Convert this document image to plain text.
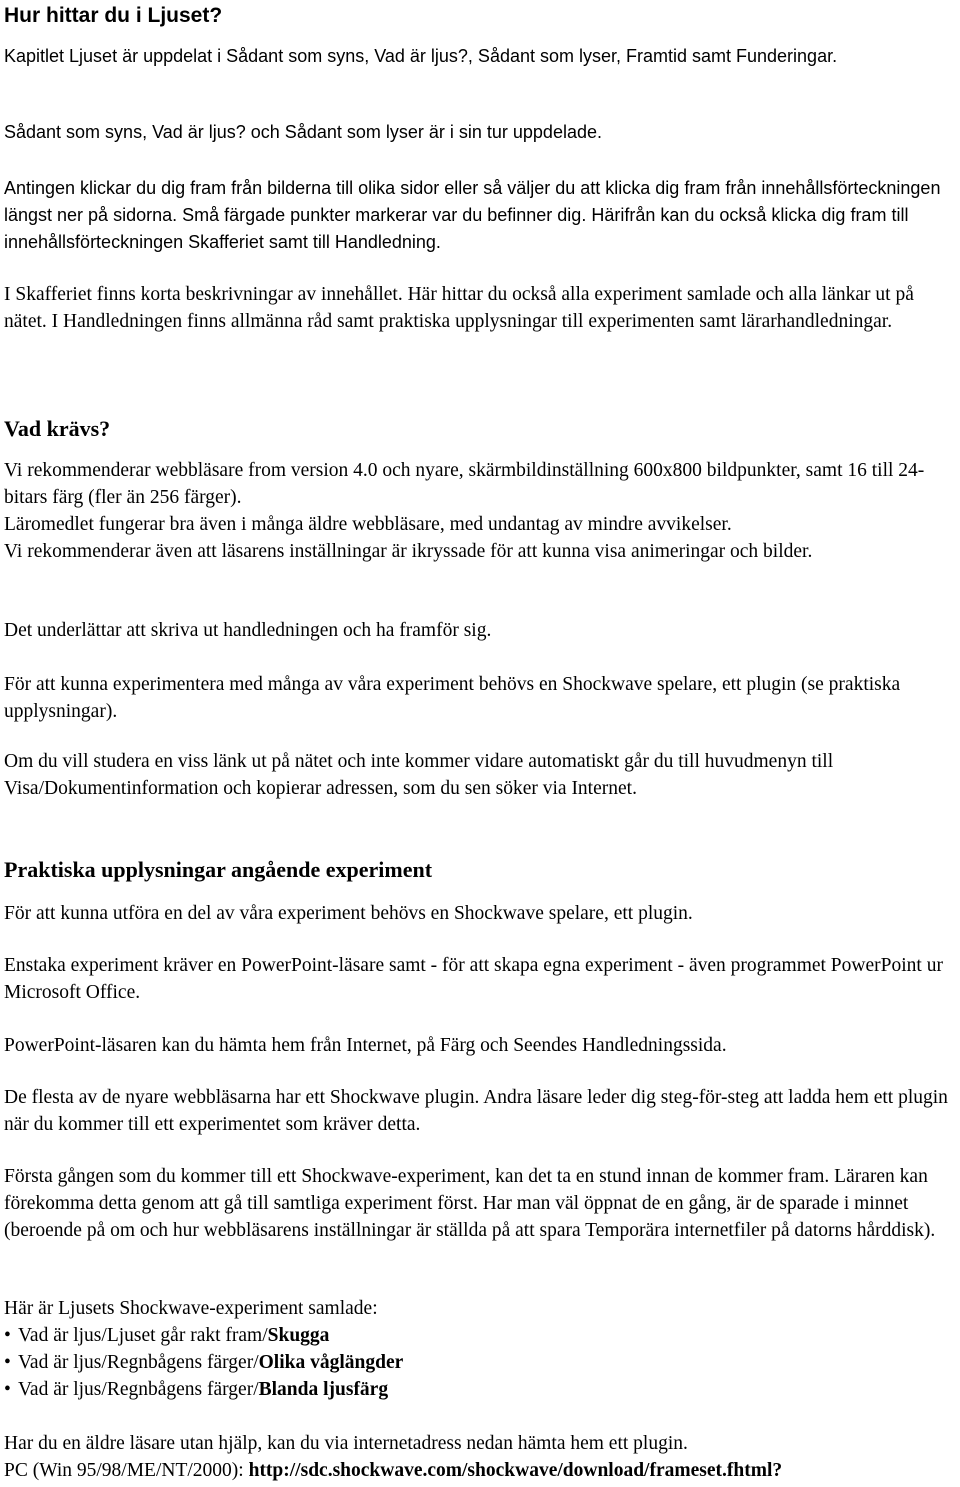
Hur hittar du i Ljuset?

Kapitlet Ljuset är uppdelat i Sådant som syns, Vad är ljus?, Sådant som lyser, Framtid samt Funderingar.

Sådant som syns, Vad är ljus? och Sådant som lyser är i sin tur uppdelade.

Antingen klickar du dig fram från bilderna till olika sidor eller så väljer du att klicka dig fram från innehållsförteckningen längst ner på sidorna. Små färgade punkter markerar var du befinner dig. Härifrån kan du också klicka dig fram till innehållsförteckningen Skafferiet samt till Handledning.

I Skafferiet finns korta beskrivningar av innehållet. Här hittar du också alla experiment samlade och alla länkar ut på nätet. I Handledningen finns allmänna råd samt praktiska upplysningar till experimenten samt lärarhandledningar.

Vad krävs?
Vi rekommenderar webbläsare from version 4.0 och nyare, skärmbildinställning 600x800 bildpunkter, samt 16 till 24-bitars färg (fler än 256 färger).
Läromedlet fungerar bra även i många äldre webbläsare, med undantag av mindre avvikelser.
Vi rekommenderar även att läsarens inställningar är ikryssade för att kunna visa animeringar och bilder.

Det underlättar att skriva ut handledningen och ha framför sig.

För att kunna experimentera med många av våra experiment behövs en Shockwave spelare, ett plugin (se praktiska upplysningar).

Om du vill studera en viss länk ut på nätet och inte kommer vidare automatiskt går du till huvudmenyn till Visa/Dokumentinformation och kopierar adressen, som du sen söker via Internet.

Praktiska upplysningar angående experiment

För att kunna utföra en del av våra experiment behövs en Shockwave spelare, ett plugin.

Enstaka experiment kräver en PowerPoint-läsare samt - för att skapa egna experiment - även programmet PowerPoint ur Microsoft Office.

PowerPoint-läsaren kan du hämta hem från Internet, på Färg och Seendes Handledningssida.

De flesta av de nyare webbläsarna har ett Shockwave plugin. Andra läsare leder dig steg-för-steg att ladda hem ett plugin när du kommer till ett experimentet som kräver detta.

Första gången som du kommer till ett Shockwave-experiment, kan det ta en stund innan de kommer fram. Läraren kan förekomma detta genom att gå till samtliga experiment först. Har man väl öppnat de en gång, är de sparade i minnet (beroende på om och hur webbläsarens inställningar är ställda på att spara Temporära internetfiler på datorns hårddisk).

Här är Ljusets Shockwave-experiment samlade:
• Vad är ljus/Ljuset går rakt fram/Skugga
• Vad är ljus/Regnbågens färger/Olika våglängder
• Vad är ljus/Regnbågens färger/Blanda ljusfärg
Har du en äldre läsare utan hjälp, kan du via internetadress nedan hämta hem ett plugin.
PC (Win 95/98/ME/NT/2000): http://sdc.shockwave.com/shockwave/download/frameset.fhtml?
